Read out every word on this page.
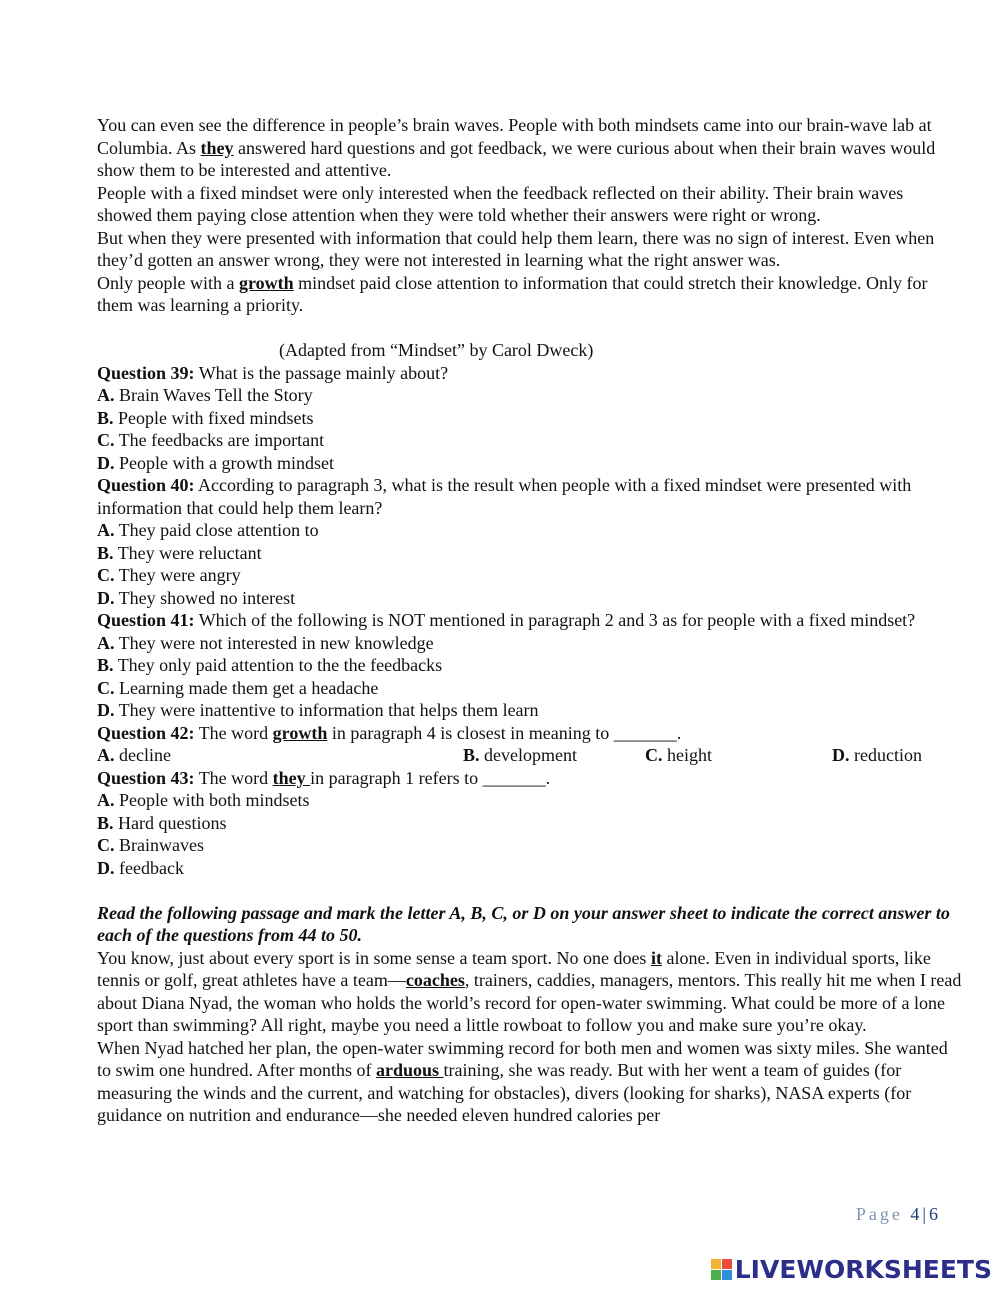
You can even see the difference in people’s brain waves. People with both mindsets came into our brain-wave lab at Columbia. As they answered hard questions and got feedback, we were curious about when their brain waves would show them to be interested and attentive.

People with a fixed mindset were only interested when the feedback reflected on their ability. Their brain waves showed them paying close attention when they were told whether their answers were right or wrong.

But when they were presented with information that could help them learn, there was no sign of interest. Even when they’d gotten an answer wrong, they were not interested in learning what the right answer was.

Only people with a growth mindset paid close attention to information that could stretch their knowledge. Only for them was learning a priority.

(Adapted from “Mindset” by Carol Dweck)

Question 39: What is the passage mainly about?

A. Brain Waves Tell the Story

B. People with fixed mindsets

C. The feedbacks are important

D. People with a growth mindset

Question 40: According to paragraph 3, what is the result when people with a fixed mindset were presented with information that could help them learn?

A. They paid close attention to

B. They were reluctant

C. They were angry

D. They showed no interest

Question 41: Which of the following is NOT mentioned in paragraph 2 and 3 as for people with a fixed mindset?

A. They were not interested in new knowledge

B. They only paid attention to the the feedbacks

C. Learning made them get a headache

D. They were inattentive to information that helps them learn

Question 42: The word growth in paragraph 4 is closest in meaning to _______.

A. decline	B. development	C. height	D. reduction

Question 43: The word they in paragraph 1 refers to _______.

A. People with both mindsets

B. Hard questions

C. Brainwaves

D. feedback

Read the following passage and mark the letter A, B, C, or D on your answer sheet to indicate the correct answer to each of the questions from 44 to 50.

You know, just about every sport is in some sense a team sport. No one does it alone. Even in individual sports, like tennis or golf, great athletes have a team—coaches, trainers, caddies, managers, mentors. This really hit me when I read about Diana Nyad, the woman who holds the world’s record for open-water swimming. What could be more of a lone sport than swimming? All right, maybe you need a little rowboat to follow you and make sure you’re okay.

When Nyad hatched her plan, the open-water swimming record for both men and women was sixty miles. She wanted to swim one hundred. After months of arduous training, she was ready. But with her went a team of guides (for measuring the winds and the current, and watching for obstacles), divers (looking for sharks), NASA experts (for guidance on nutrition and endurance—she needed eleven hundred calories per

Page 4 | 6
LIVEWORKSHEETS
